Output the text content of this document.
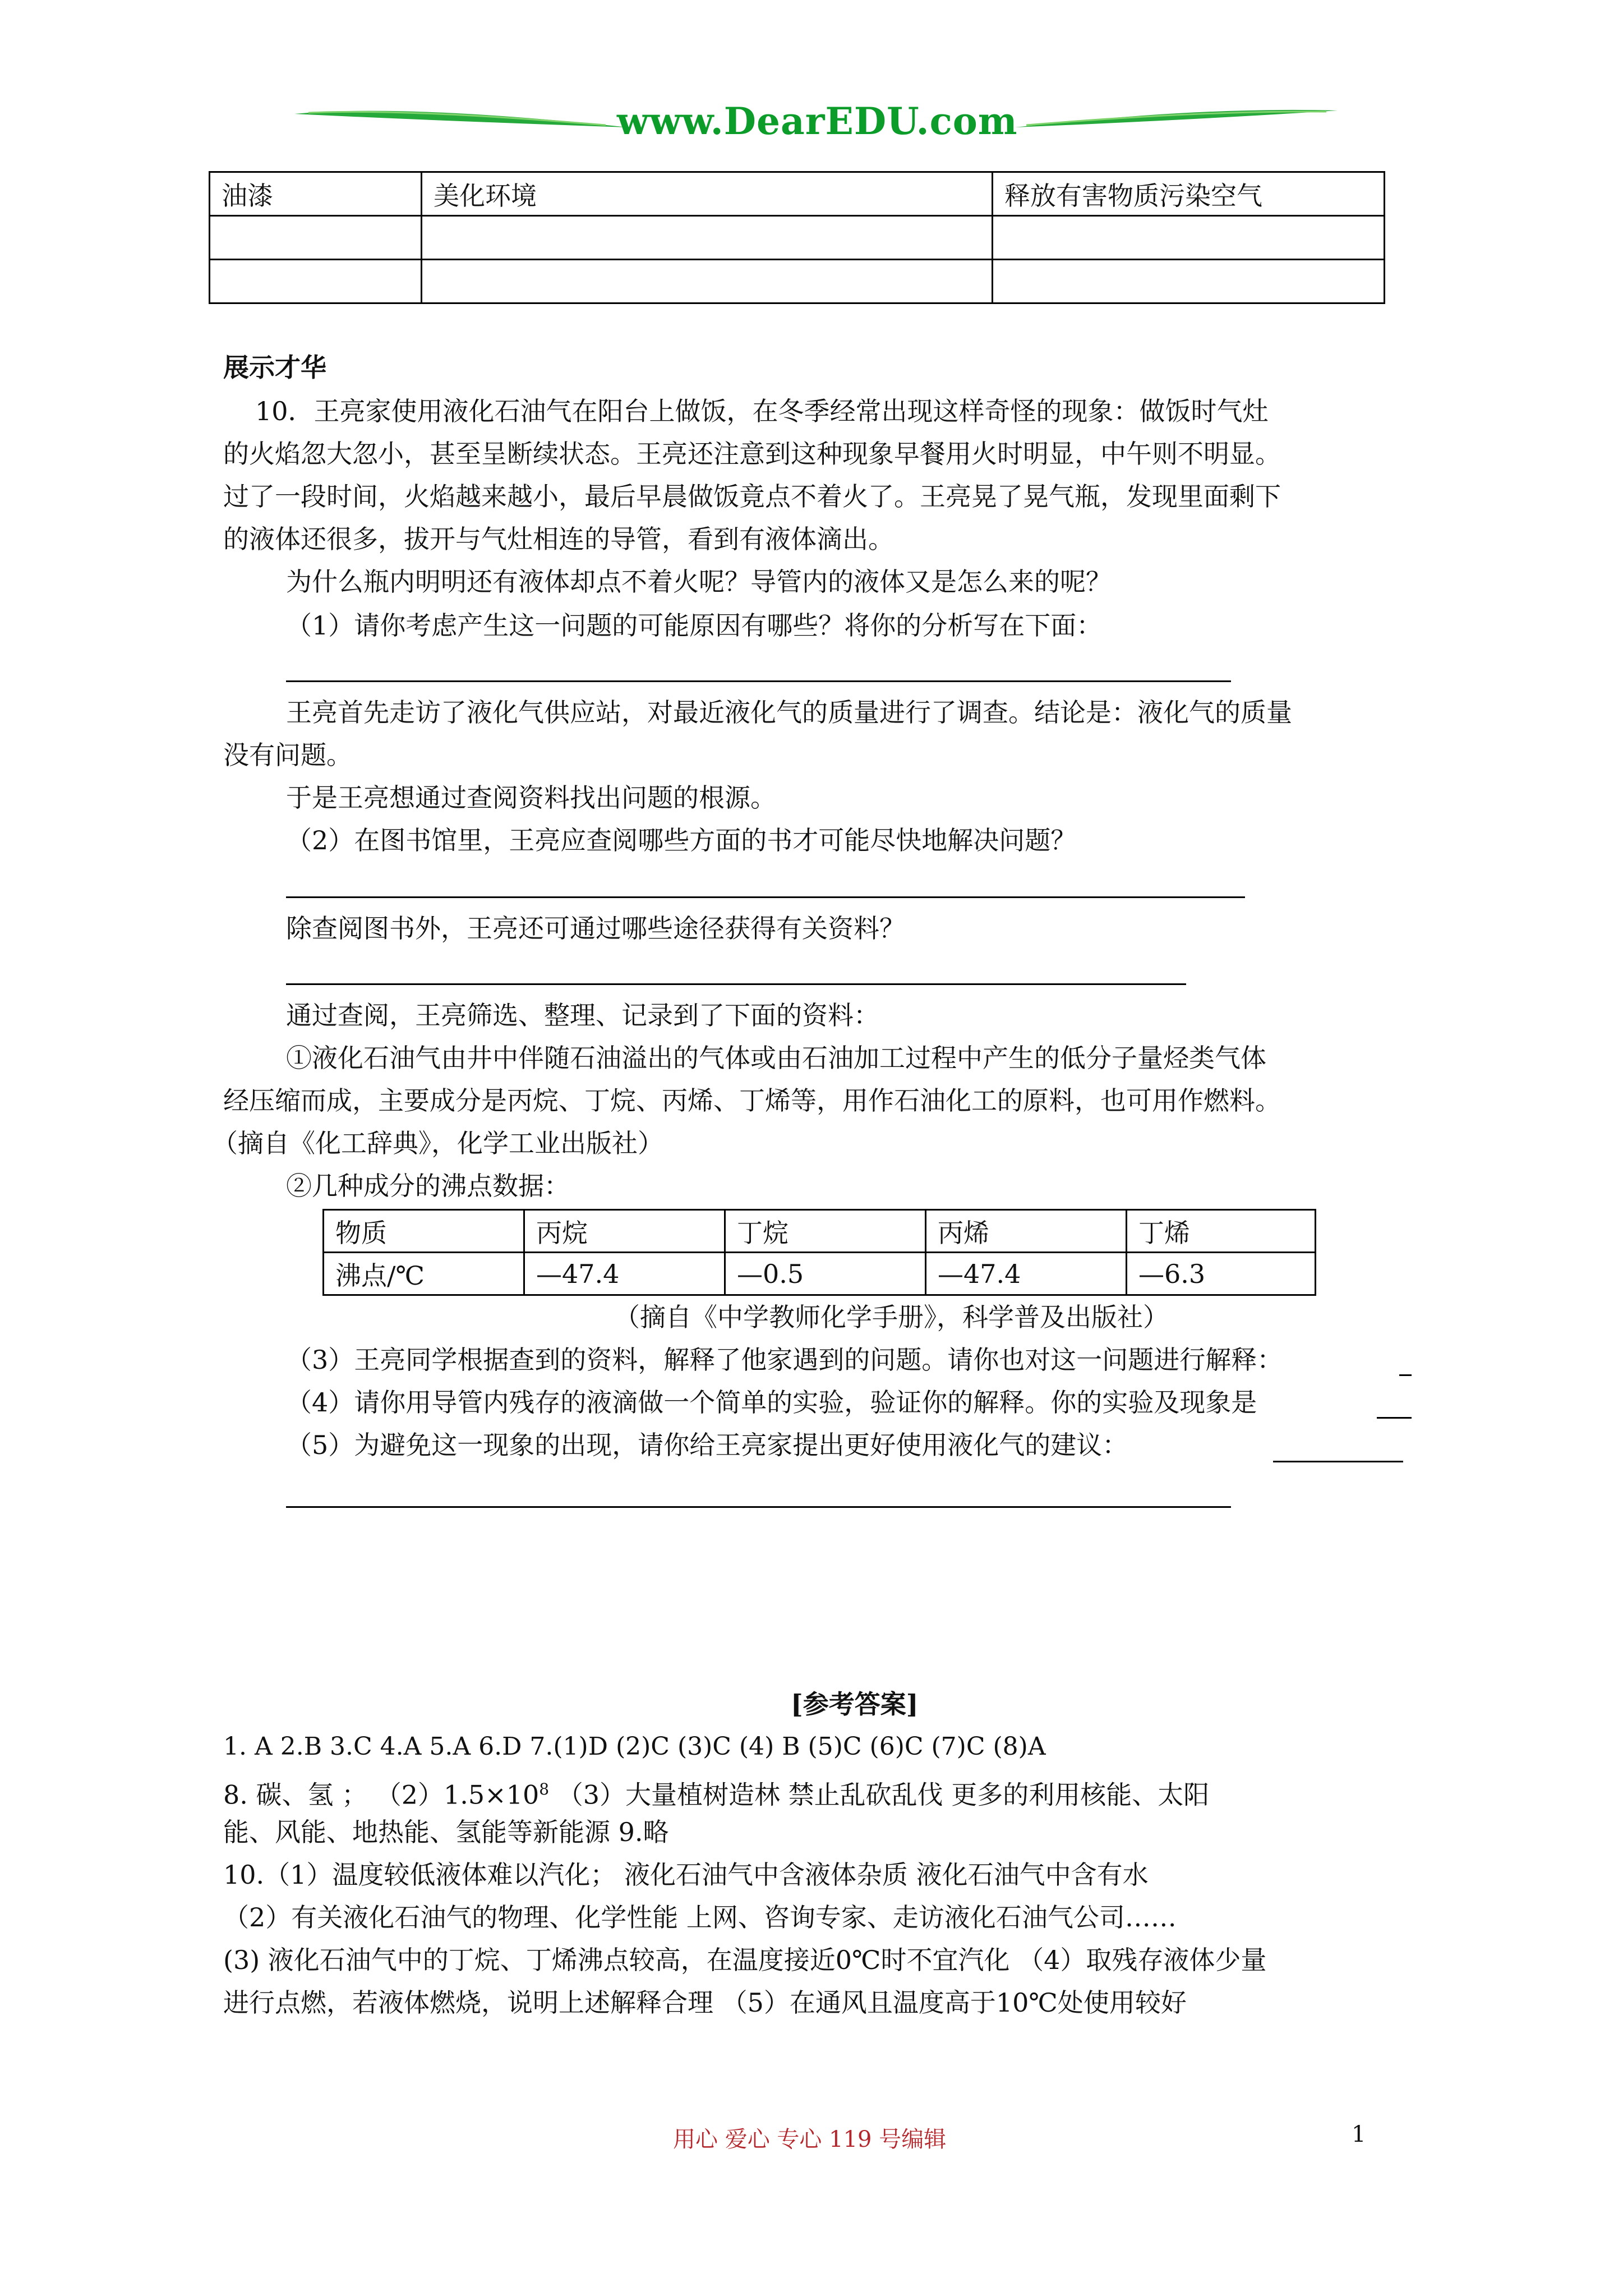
www.DearEDU.com
油漆	美化环境	释放有害物质污染空气

展示才华
10．王亮家使用液化石油气在阳台上做饭，在冬季经常出现这样奇怪的现象：做饭时气灶
的火焰忽大忽小，甚至呈断续状态。王亮还注意到这种现象早餐用火时明显，中午则不明显。
过了一段时间，火焰越来越小，最后早晨做饭竟点不着火了。王亮晃了晃气瓶，发现里面剩下
的液体还很多，拔开与气灶相连的导管，看到有液体滴出。
为什么瓶内明明还有液体却点不着火呢？导管内的液体又是怎么来的呢？
（1）请你考虑产生这一问题的可能原因有哪些？将你的分析写在下面：
王亮首先走访了液化气供应站，对最近液化气的质量进行了调查。结论是：液化气的质量
没有问题。
于是王亮想通过查阅资料找出问题的根源。
（2）在图书馆里，王亮应查阅哪些方面的书才可能尽快地解决问题？
除查阅图书外，王亮还可通过哪些途径获得有关资料？
通过查阅，王亮筛选、整理、记录到了下面的资料：
①液化石油气由井中伴随石油溢出的气体或由石油加工过程中产生的低分子量烃类气体
经压缩而成，主要成分是丙烷、丁烷、丙烯、丁烯等，用作石油化工的原料，也可用作燃料。
（摘自《化工辞典》，化学工业出版社）
②几种成分的沸点数据：
物质	丙烷	丁烷	丙烯	丁烯
沸点/℃	—47.4	—0.5	—47.4	—6.3
（摘自《中学教师化学手册》，科学普及出版社）
（3）王亮同学根据查到的资料，解释了他家遇到的问题。请你也对这一问题进行解释：
（4）请你用导管内残存的液滴做一个简单的实验，验证你的解释。你的实验及现象是
（5）为避免这一现象的出现，请你给王亮家提出更好使用液化气的建议：
[参考答案]
1. A 2.B 3.C 4.A 5.A 6.D 7.(1)D (2)C (3)C (4) B (5)C (6)C (7)C (8)A
8. 碳、氢 ； $(2)1.5\times 10^8$ （3）大量植树造林 禁止乱砍乱伐 更多的利用核能、太阳
能、风能、地热能、氢能等新能源 9.略
10.（1）温度较低液体难以汽化； 液化石油气中含液体杂质 液化石油气中含有水
（2）有关液化石油气的物理、化学性能 上网、咨询专家、走访液化石油气公司……
(3) 液化石油气中的丁烷、丁烯沸点较高，在温度接近0℃时不宜汽化 （4）取残存液体少量
进行点燃，若液体燃烧，说明上述解释合理 （5）在通风且温度高于10℃处使用较好
用心 爱心 专心 119 号编辑	1
